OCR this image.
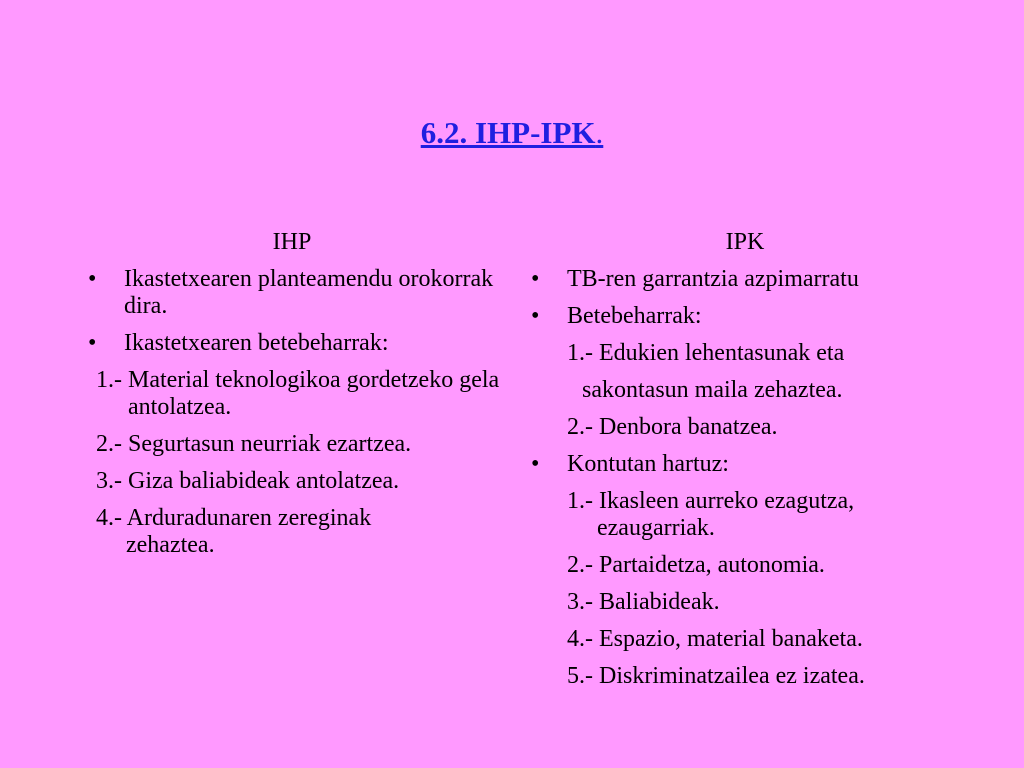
6.2. IHP-IPK.
IHP
• Ikastetxearen planteamendu orokorrak dira.
• Ikastetxearen betebeharrak:
1.- Material teknologikoa gordetzeko gela antolatzea.
2.- Segurtasun neurriak ezartzea.
3.- Giza baliabideak antolatzea.
4.- Arduradunaren zereginak zehaztea.
IPK
• TB-ren garrantzia azpimarratu
• Betebeharrak:
1.- Edukien lehentasunak eta
sakontasun maila zehaztea.
2.- Denbora banatzea.
• Kontutan hartuz:
1.- Ikasleen aurreko ezagutza, ezaugarriak.
2.- Partaidetza, autonomia.
3.- Baliabideak.
4.- Espazio, material banaketa.
5.- Diskriminatzailea ez izatea.
